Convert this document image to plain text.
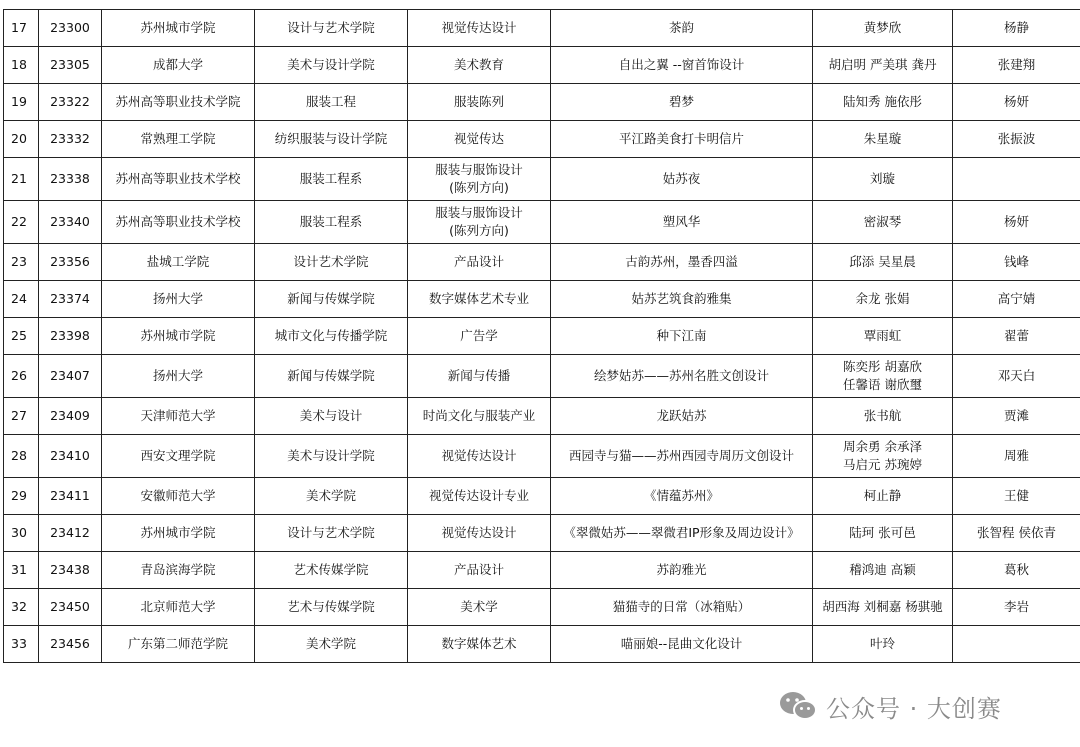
17	23300	苏州城市学院	设计与艺术学院	视觉传达设计	茶韵	黄梦欣	杨静

18	23305	成都大学	美术与设计学院	美术教育	自出之翼 --窗首饰设计	胡启明 严美琪 龚丹	张建翔

19	23322	苏州高等职业技术学院	服装工程	服装陈列	碧梦	陆知秀 施依彤	杨妍

20	23332	常熟理工学院	纺织服装与设计学院	视觉传达	平江路美食打卡明信片	朱星璇	张振波

21	23338	苏州高等职业技术学校	服装工程系	服装与服饰设计
(陈列方向)	姑苏夜	刘璇	

22	23340	苏州高等职业技术学校	服装工程系	服装与服饰设计
(陈列方向)	塑风华	密淑琴	杨妍

23	23356	盐城工学院	设计艺术学院	产品设计	古韵苏州，墨香四溢	邱添 吴星晨	钱峰

24	23374	扬州大学	新闻与传媒学院	数字媒体艺术专业	姑苏艺筑食韵雅集	余龙 张娟	高宁婧

25	23398	苏州城市学院	城市文化与传播学院	广告学	种下江南	覃雨虹	翟蕾

26	23407	扬州大学	新闻与传媒学院	新闻与传播	绘梦姑苏——苏州名胜文创设计	陈奕彤 胡嘉欣
任馨语 谢欣璽	邓天白

27	23409	天津师范大学	美术与设计	时尚文化与服装产业	龙跃姑苏	张书航	贾滩

28	23410	西安文理学院	美术与设计学院	视觉传达设计	西园寺与猫——苏州西园寺周历文创设计	周余勇 余承泽
马启元 苏琬婷	周雅

29	23411	安徽师范大学	美术学院	视觉传达设计专业	《情蕴苏州》	柯止静	王健

30	23412	苏州城市学院	设计与艺术学院	视觉传达设计	《翠微姑苏——翠微君IP形象及周边设计》	陆珂 张可邑	张智程 侯依青

31	23438	青岛滨海学院	艺术传媒学院	产品设计	苏韵雅光	稽鸿迪 高颖	葛秋

32	23450	北京师范大学	艺术与传媒学院	美术学	猫猫寺的日常（冰箱贴）	胡西海 刘桐嘉 杨骐驰	李岩

33	23456	广东第二师范学院	美术学院	数字媒体艺术	喵丽娘--昆曲文化设计	叶玲	

公众号 · 大创赛
